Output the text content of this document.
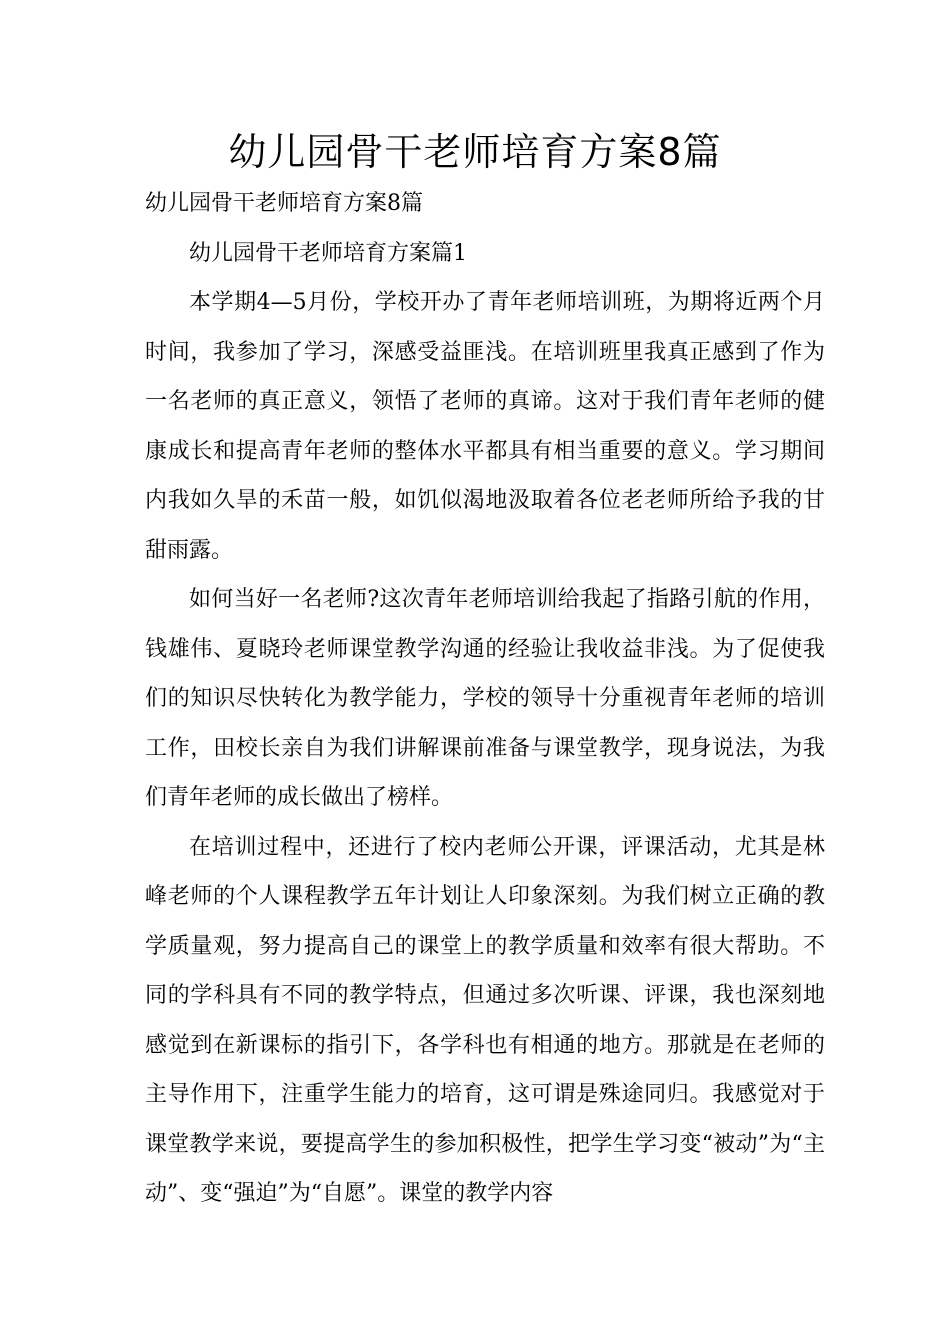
幼儿园骨干老师培育方案8篇

幼儿园骨干老师培育方案8篇

幼儿园骨干老师培育方案篇1

本学期4—5月份，学校开办了青年老师培训班，为期将近两个月时间，我参加了学习，深感受益匪浅。在培训班里我真正感到了作为一名老师的真正意义，领悟了老师的真谛。这对于我们青年老师的健康成长和提高青年老师的整体水平都具有相当重要的意义。学习期间内我如久旱的禾苗一般，如饥似渴地汲取着各位老老师所给予我的甘甜雨露。

如何当好一名老师?这次青年老师培训给我起了指路引航的作用，钱雄伟、夏晓玲老师课堂教学沟通的经验让我收益非浅。为了促使我们的知识尽快转化为教学能力，学校的领导十分重视青年老师的培训工作，田校长亲自为我们讲解课前准备与课堂教学，现身说法，为我们青年老师的成长做出了榜样。

在培训过程中，还进行了校内老师公开课，评课活动，尤其是林峰老师的个人课程教学五年计划让人印象深刻。为我们树立正确的教学质量观，努力提高自己的课堂上的教学质量和效率有很大帮助。不同的学科具有不同的教学特点，但通过多次听课、评课，我也深刻地感觉到在新课标的指引下，各学科也有相通的地方。那就是在老师的主导作用下，注重学生能力的培育，这可谓是殊途同归。我感觉对于课堂教学来说，要提高学生的参加积极性，把学生学习变“被动”为“主动”、变“强迫”为“自愿”。课堂的教学内容
